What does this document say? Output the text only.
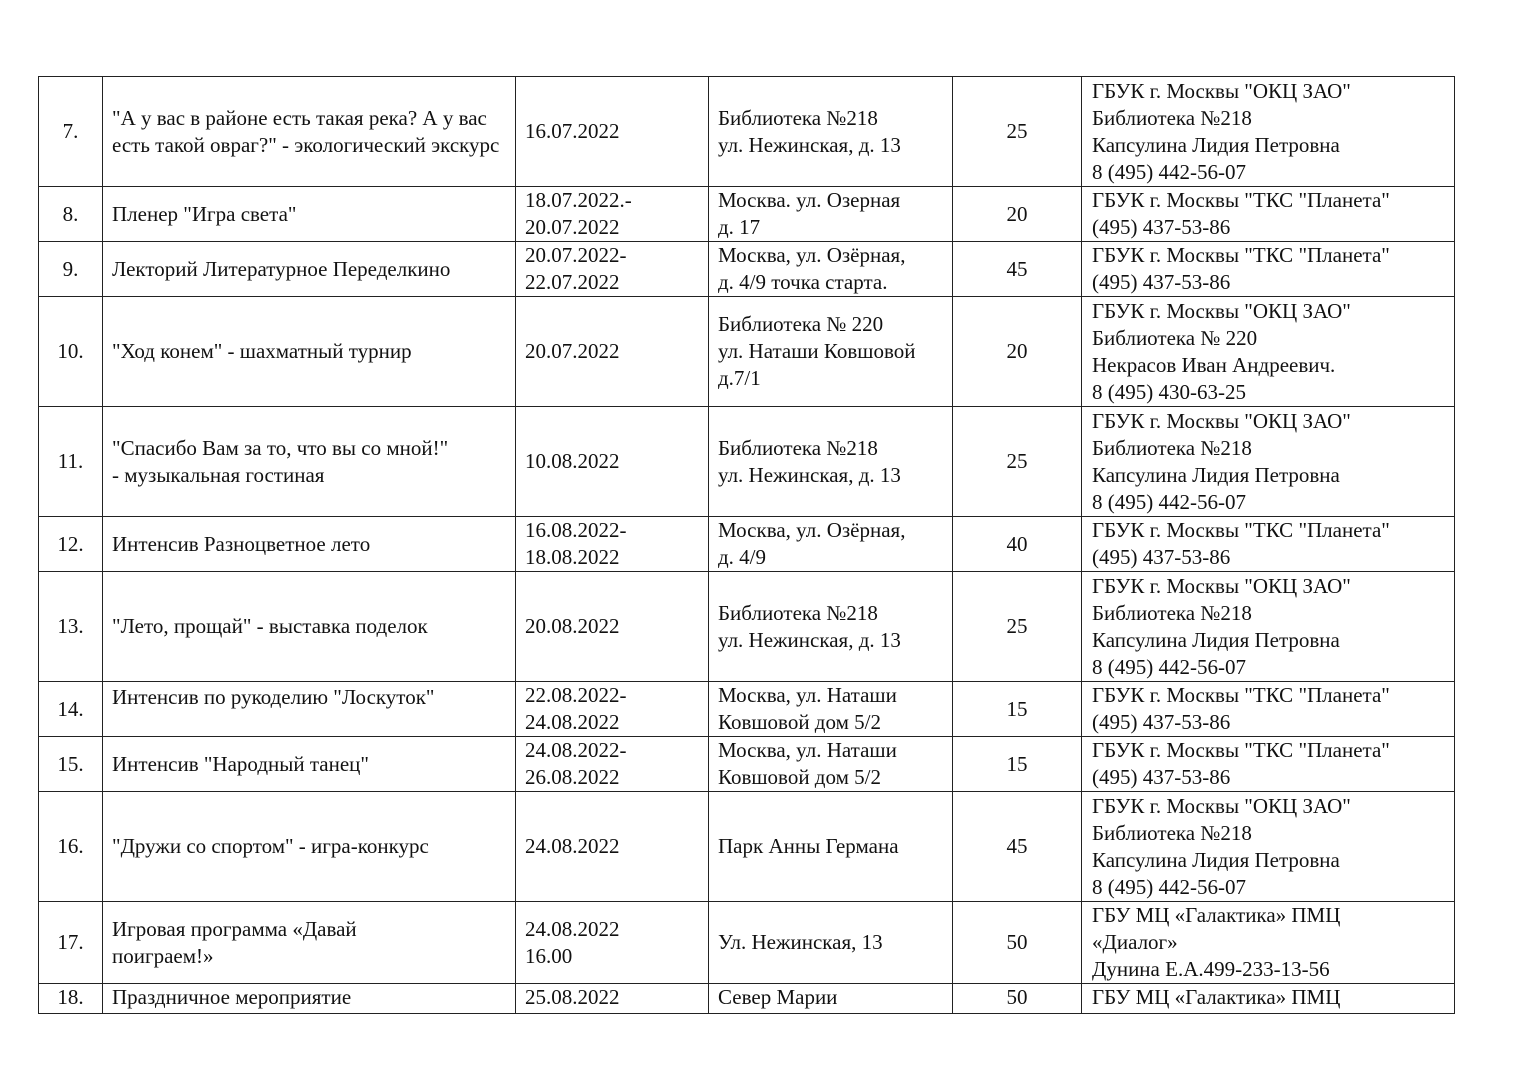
7.	"А у вас в районе есть такая река? А у вас есть такой овраг?" - экологический экскурс	16.07.2022	Библиотека №218
ул. Нежинская, д. 13	25	ГБУК г. Москвы "ОКЦ ЗАО"
Библиотека №218
Капсулина Лидия Петровна
8 (495) 442-56-07
8.	Пленер "Игра света"	18.07.2022.-
20.07.2022	Москва. ул. Озерная
д. 17	20	ГБУК г. Москвы "ТКС "Планета"
(495) 437-53-86
9.	Лекторий Литературное Переделкино	20.07.2022-
22.07.2022	Москва, ул. Озёрная,
д. 4/9 точка старта.	45	ГБУК г. Москвы "ТКС "Планета"
(495) 437-53-86
10.	"Ход конем" - шахматный турнир	20.07.2022	Библиотека № 220
ул. Наташи Ковшовой
д.7/1	20	ГБУК г. Москвы "ОКЦ ЗАО"
Библиотека № 220
Некрасов Иван Андреевич.
8 (495) 430-63-25
11.	"Спасибо Вам за то, что вы со мной!"
- музыкальная гостиная	10.08.2022	Библиотека №218
ул. Нежинская, д. 13	25	ГБУК г. Москвы "ОКЦ ЗАО"
Библиотека №218
Капсулина Лидия Петровна
8 (495) 442-56-07
12.	Интенсив Разноцветное лето	16.08.2022-
18.08.2022	Москва, ул. Озёрная,
д. 4/9	40	ГБУК г. Москвы "ТКС "Планета"
(495) 437-53-86
13.	"Лето, прощай" - выставка поделок	20.08.2022	Библиотека №218
ул. Нежинская, д. 13	25	ГБУК г. Москвы "ОКЦ ЗАО"
Библиотека №218
Капсулина Лидия Петровна
8 (495) 442-56-07
14.	Интенсив по рукоделию "Лоскуток"	22.08.2022-
24.08.2022	Москва, ул. Наташи
Ковшовой дом 5/2	15	ГБУК г. Москвы "ТКС "Планета"
(495) 437-53-86
15.	Интенсив "Народный танец"	24.08.2022-
26.08.2022	Москва, ул. Наташи
Ковшовой дом 5/2	15	ГБУК г. Москвы "ТКС "Планета"
(495) 437-53-86
16.	"Дружи со спортом" - игра-конкурс	24.08.2022	Парк Анны Германа	45	ГБУК г. Москвы "ОКЦ ЗАО"
Библиотека №218
Капсулина Лидия Петровна
8 (495) 442-56-07
17.	Игровая программа «Давай
поиграем!»	24.08.2022
16.00	Ул. Нежинская, 13	50	ГБУ МЦ «Галактика» ПМЦ
«Диалог»
Дунина Е.А.499-233-13-56
18.	Праздничное мероприятие	25.08.2022	Север Марии	50	ГБУ МЦ «Галактика» ПМЦ
